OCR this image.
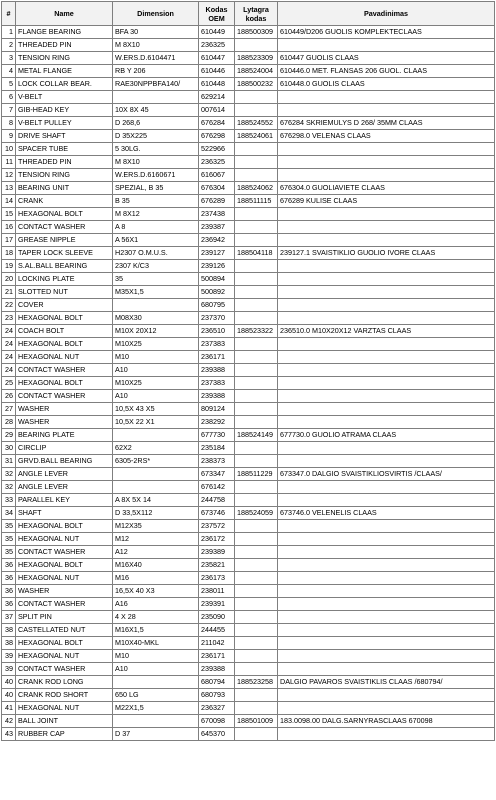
#	Name	Dimension	Kodas OEM	Lytagra kodas	Pavadinimas
1	FLANGE BEARING	BFA 30	610449	188500309	610449/D206 GUOLIS KOMPLEKTECLAAS
2	THREADED PIN	M 8X10	236325		
3	TENSION RING	W.ERS.D.6104471	610447	188523309	610447 GUOLIS CLAAS
4	METAL FLANGE	RB Y 206	610446	188524004	610446.0 MET. FLANSAS 206 GUOL. CLAAS
5	LOCK COLLAR BEAR.	RAE30NPPBFA140/	610448	188500232	610448.0 GUOLIS CLAAS
6	V-BELT		629214		
7	GIB-HEAD KEY	10X 8X 45	007614		
8	V-BELT PULLEY	D 268,6	676284	188524552	676284 SKRIEMULYS D 268/ 35MM CLAAS
9	DRIVE SHAFT	D 35X225	676298	188524061	676298.0 VELENAS CLAAS
10	SPACER TUBE	5 30LG.	522966		
11	THREADED PIN	M 8X10	236325		
12	TENSION RING	W.ERS.D.6160671	616067		
13	BEARING UNIT	SPEZIAL, B 35	676304	188524062	676304.0 GUOLIAVIETE CLAAS
14	CRANK	B 35	676289	188511115	676289 KULISE CLAAS
15	HEXAGONAL BOLT	M 8X12	237438		
16	CONTACT WASHER	A 8	239387		
17	GREASE NIPPLE	A 56X1	236942		
18	TAPER LOCK SLEEVE	H2307 O.M.U.S.	239127	188504118	239127.1 SVAISTIKLIO GUOLIO IVORE CLAAS
19	S.AL.BALL BEARING	2307 K/C3	239126		
20	LOCKING PLATE	35	500894		
21	SLOTTED NUT	M35X1,5	500892		
22	COVER		680795		
23	HEXAGONAL BOLT	M08X30	237370		
24	COACH BOLT	M10X 20X12	236510	188523322	236510.0 M10X20X12 VARZTAS CLAAS
24	HEXAGONAL BOLT	M10X25	237383		
24	HEXAGONAL NUT	M10	236171		
24	CONTACT WASHER	A10	239388		
25	HEXAGONAL BOLT	M10X25	237383		
26	CONTACT WASHER	A10	239388		
27	WASHER	10,5X 43 X5	809124		
28	WASHER	10,5X 22 X1	238292		
29	BEARING PLATE		677730	188524149	677730.0 GUOLIO ATRAMA CLAAS
30	CIRCLIP	62X2	235184		
31	GRVD.BALL BEARING	6305-2RS*	238373		
32	ANGLE LEVER		673347	188511229	673347.0 DALGIO SVAISTIKLIOSVIRTIS /CLAAS/
32	ANGLE LEVER		676142		
33	PARALLEL KEY	A 8X 5X 14	244758		
34	SHAFT	D 33,5X112	673746	188524059	673746.0 VELENELIS CLAAS
35	HEXAGONAL BOLT	M12X35	237572		
35	HEXAGONAL NUT	M12	236172		
35	CONTACT WASHER	A12	239389		
36	HEXAGONAL BOLT	M16X40	235821		
36	HEXAGONAL NUT	M16	236173		
36	WASHER	16,5X 40 X3	238011		
36	CONTACT WASHER	A16	239391		
37	SPLIT PIN	4 X 28	235090		
38	CASTELLATED NUT	M16X1,5	244455		
38	HEXAGONAL BOLT	M10X40-MKL	211042		
39	HEXAGONAL NUT	M10	236171		
39	CONTACT WASHER	A10	239388		
40	CRANK ROD LONG		680794	188523258	DALGIO PAVAROS SVAISTIKLIS CLAAS /680794/
40	CRANK ROD SHORT	650 LG	680793		
41	HEXAGONAL NUT	M22X1,5	236327		
42	BALL JOINT		670098	188501009	183.0098.00 DALG.SARNYRASCLAAS 670098
43	RUBBER CAP	D 37	645370		
